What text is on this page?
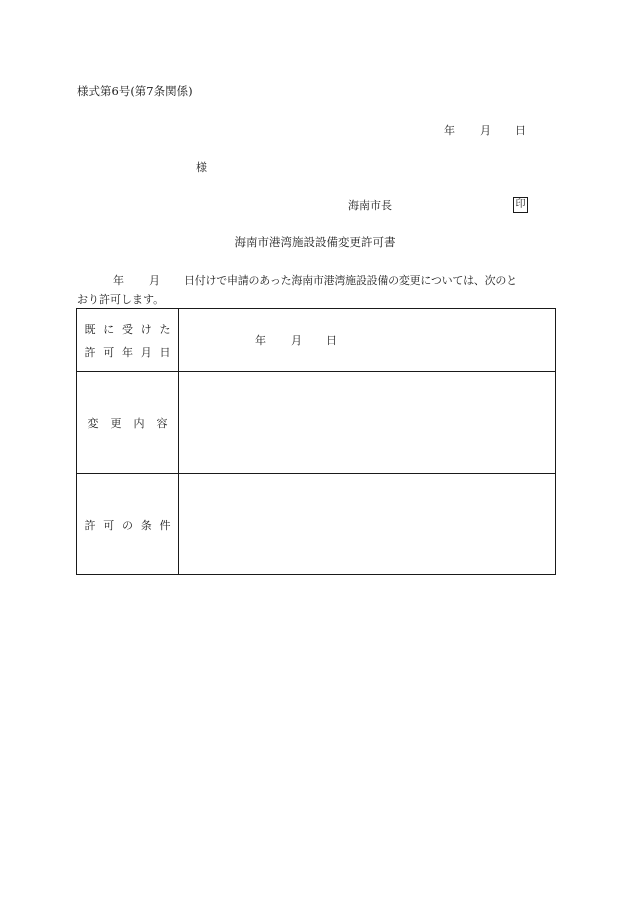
様式第6号(第7条関係)
年 月 日
様
海南市長	印
海南市港湾施設設備変更許可書
年 月 日付けで申請のあった海南市港湾施設設備の変更については、次のと
おり許可します。
既 に 受 け た
許 可 年 月 日
年 月 日
変 更 内 容
許 可 の 条 件
